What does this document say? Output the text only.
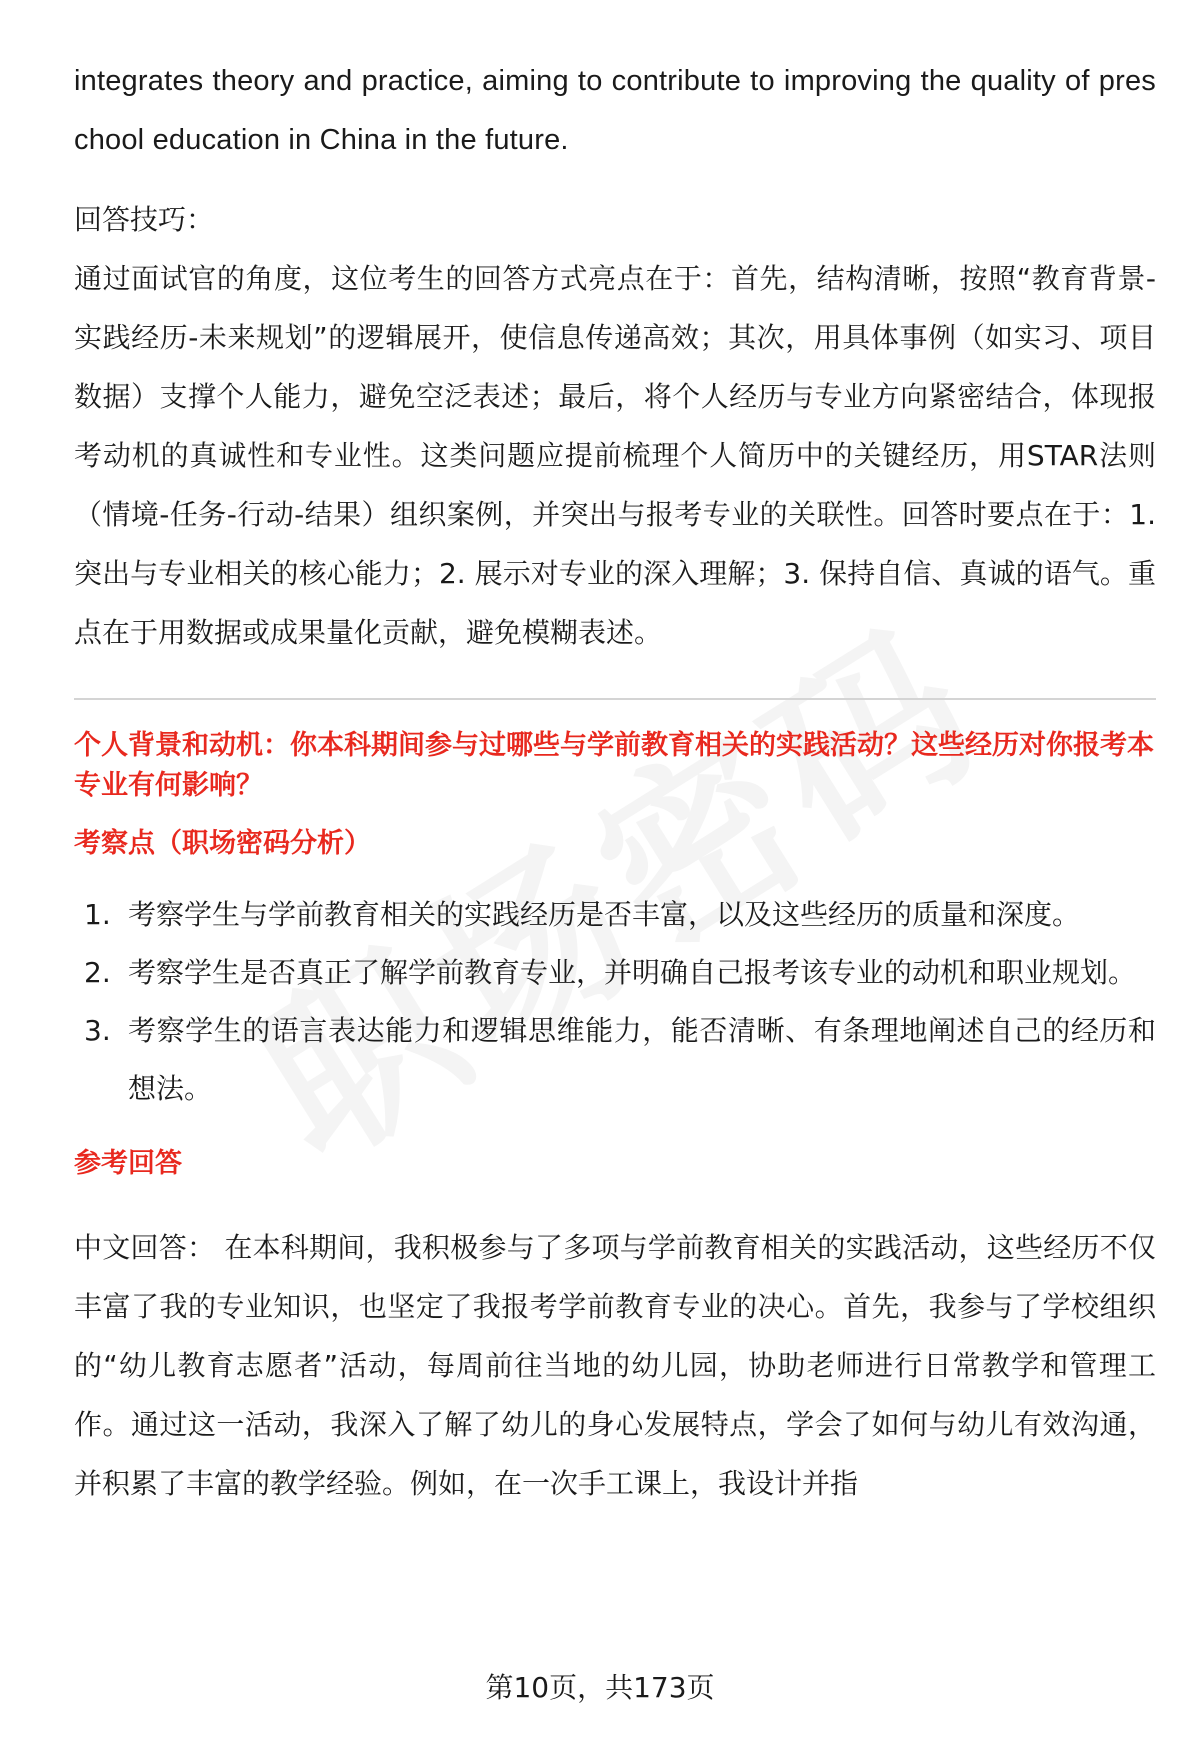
integrates theory and practice, aiming to contribute to improving the quality of preschool education in China in the future.

回答技巧：

通过面试官的角度，这位考生的回答方式亮点在于：首先，结构清晰，按照“教育背景-实践经历-未来规划”的逻辑展开，使信息传递高效；其次，用具体事例（如实习、项目数据）支撑个人能力，避免空泛表述；最后，将个人经历与专业方向紧密结合，体现报考动机的真诚性和专业性。这类问题应提前梳理个人简历中的关键经历，用STAR法则（情境-任务-行动-结果）组织案例，并突出与报考专业的关联性。回答时要点在于：1. 突出与专业相关的核心能力；2. 展示对专业的深入理解；3. 保持自信、真诚的语气。重点在于用数据或成果量化贡献，避免模糊表述。

个人背景和动机：你本科期间参与过哪些与学前教育相关的实践活动？这些经历对你报考本专业有何影响？

考察点（职场密码分析）

1. 考察学生与学前教育相关的实践经历是否丰富，以及这些经历的质量和深度。
2. 考察学生是否真正了解学前教育专业，并明确自己报考该专业的动机和职业规划。
3. 考察学生的语言表达能力和逻辑思维能力，能否清晰、有条理地阐述自己的经历和想法。

参考回答

中文回答： 在本科期间，我积极参与了多项与学前教育相关的实践活动，这些经历不仅丰富了我的专业知识，也坚定了我报考学前教育专业的决心。首先，我参与了学校组织的“幼儿教育志愿者”活动，每周前往当地的幼儿园，协助老师进行日常教学和管理工作。通过这一活动，我深入了解了幼儿的身心发展特点，学会了如何与幼儿有效沟通，并积累了丰富的教学经验。例如，在一次手工课上，我设计并指

第10页，共173页
